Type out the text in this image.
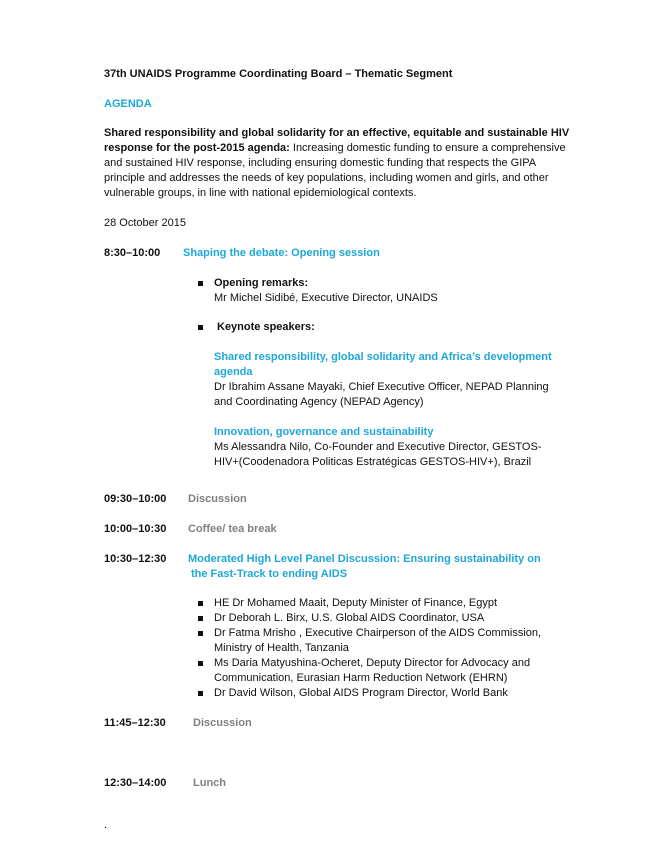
37th UNAIDS Programme Coordinating Board – Thematic Segment
AGENDA
Shared responsibility and global solidarity for an effective, equitable and sustainable HIV response for the post-2015 agenda: Increasing domestic funding to ensure a comprehensive and sustained HIV response, including ensuring domestic funding that respects the GIPA principle and addresses the needs of key populations, including women and girls, and other vulnerable groups, in line with national epidemiological contexts.
28 October 2015
8:30–10:00 Shaping the debate: Opening session
Opening remarks:
Mr Michel Sidibé, Executive Director, UNAIDS
Keynote speakers:
Shared responsibility, global solidarity and Africa’s development
agenda
Dr Ibrahim Assane Mayaki, Chief Executive Officer, NEPAD Planning
and Coordinating Agency (NEPAD Agency)
Innovation, governance and sustainability
Ms Alessandra Nilo, Co-Founder and Executive Director, GESTOS-
HIV+(Coodenadora Politicas Estratégicas GESTOS-HIV+), Brazil
09:30–10:00 Discussion
10:00–10:30 Coffee/ tea break
10:30–12:30 Moderated High Level Panel Discussion: Ensuring sustainability on
the Fast-Track to ending AIDS
HE Dr Mohamed Maait, Deputy Minister of Finance, Egypt
Dr Deborah L. Birx, U.S. Global AIDS Coordinator, USA
Dr Fatma Mrisho , Executive Chairperson of the AIDS Commission,
Ministry of Health, Tanzania
Ms Daria Matyushina-Ocheret, Deputy Director for Advocacy and
Communication, Eurasian Harm Reduction Network (EHRN)
Dr David Wilson, Global AIDS Program Director, World Bank
11:45–12:30 Discussion
12:30–14:00 Lunch
.
